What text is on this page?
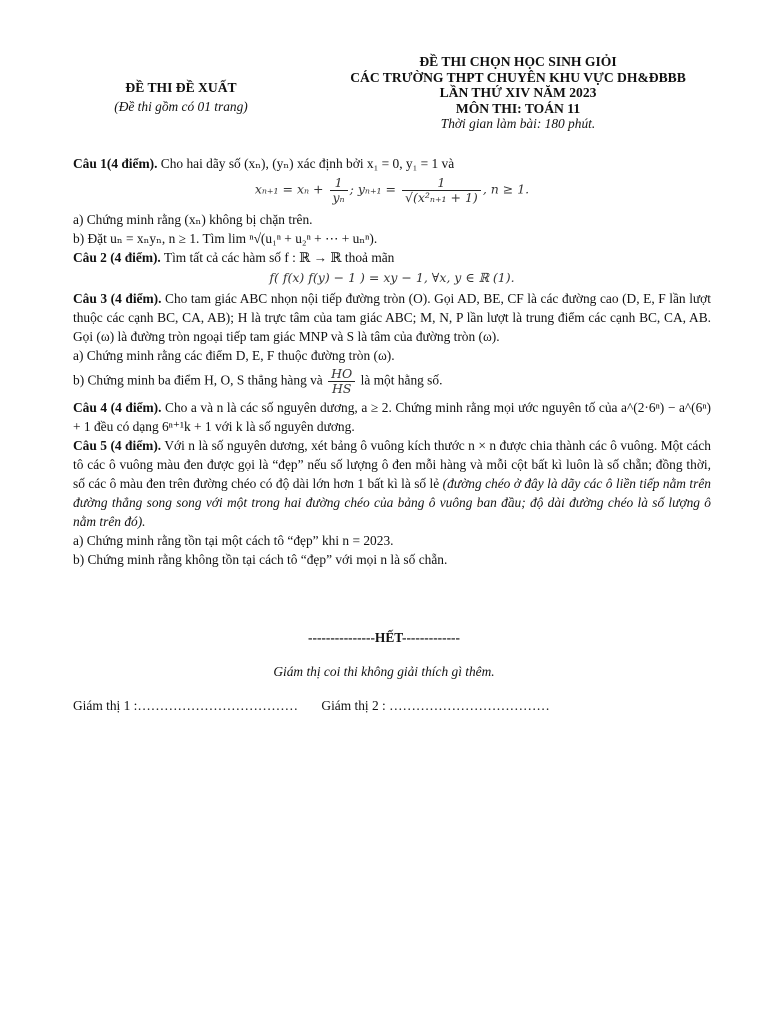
ĐỀ THI ĐỀ XUẤT
(Đề thi gồm có 01 trang)
ĐỀ THI CHỌN HỌC SINH GIỎI
CÁC TRƯỜNG THPT CHUYÊN KHU VỰC DH&ĐBBB
LẦN THỨ XIV NĂM 2023
MÔN THI: TOÁN 11
Thời gian làm bài: 180 phút.

Câu 1(4 điểm). Cho hai dãy số (xₙ), (yₙ) xác định bởi x₁ = 0, y₁ = 1 và

$x_{n+1} = x_n + \frac{1}{\text{yₙ}}$ ; $y_{n+1} = \frac{1}{\text{√(x²ₙ₊₁ + 1)}}$ , n ≥ 1.

a) Chứng minh rằng (xₙ) không bị chặn trên.

b) Đặt uₙ = xₙyₙ, n ≥ 1. Tìm lim ⁿ√(u₁ⁿ + u₂ⁿ + ⋯ + uₙⁿ).

Câu 2 (4 điểm). Tìm tất cả các hàm số f : ℝ → ℝ thoả mãn

f( f(x) f(y) − 1 ) = xy − 1, ∀x, y ∈ ℝ (1).

Câu 3 (4 điểm). Cho tam giác ABC nhọn nội tiếp đường tròn (O). Gọi AD, BE, CF là các đường cao (D, E, F lần lượt thuộc các cạnh BC, CA, AB); H là trực tâm của tam giác ABC; M, N, P lần lượt là trung điểm các cạnh BC, CA, AB. Gọi (ω) là đường tròn ngoại tiếp tam giác MNP và S là tâm của đường tròn (ω).

a) Chứng minh rằng các điểm D, E, F thuộc đường tròn (ω).

b) Chứng minh ba điểm H, O, S thẳng hàng và $\frac{HO}{HS}$ là một hằng số.

Câu 4 (4 điểm). Cho a và n là các số nguyên dương, a ≥ 2. Chứng minh rằng mọi ước nguyên tố của a^(2·6ⁿ) − a^(6ⁿ) + 1 đều có dạng 6ⁿ⁺¹k + 1 với k là số nguyên dương.

Câu 5 (4 điểm). Với n là số nguyên dương, xét bảng ô vuông kích thước n × n được chia thành các ô vuông. Một cách tô các ô vuông màu đen được gọi là “đẹp” nếu số lượng ô đen mỗi hàng và mỗi cột bất kì luôn là số chẵn; đồng thời, số các ô màu đen trên đường chéo có độ dài lớn hơn 1 bất kì là số lẻ (đường chéo ở đây là dãy các ô liền tiếp nằm trên đường thẳng song song với một trong hai đường chéo của bảng ô vuông ban đầu; độ dài đường chéo là số lượng ô nằm trên đó).

a) Chứng minh rằng tồn tại một cách tô “đẹp” khi n = 2023.

b) Chứng minh rằng không tồn tại cách tô “đẹp” với mọi n là số chẵn.

---------------HẾT-------------
Giám thị coi thi không giải thích gì thêm.
Giám thị 1 :……………………………… Giám thị 2 : ………………………………
